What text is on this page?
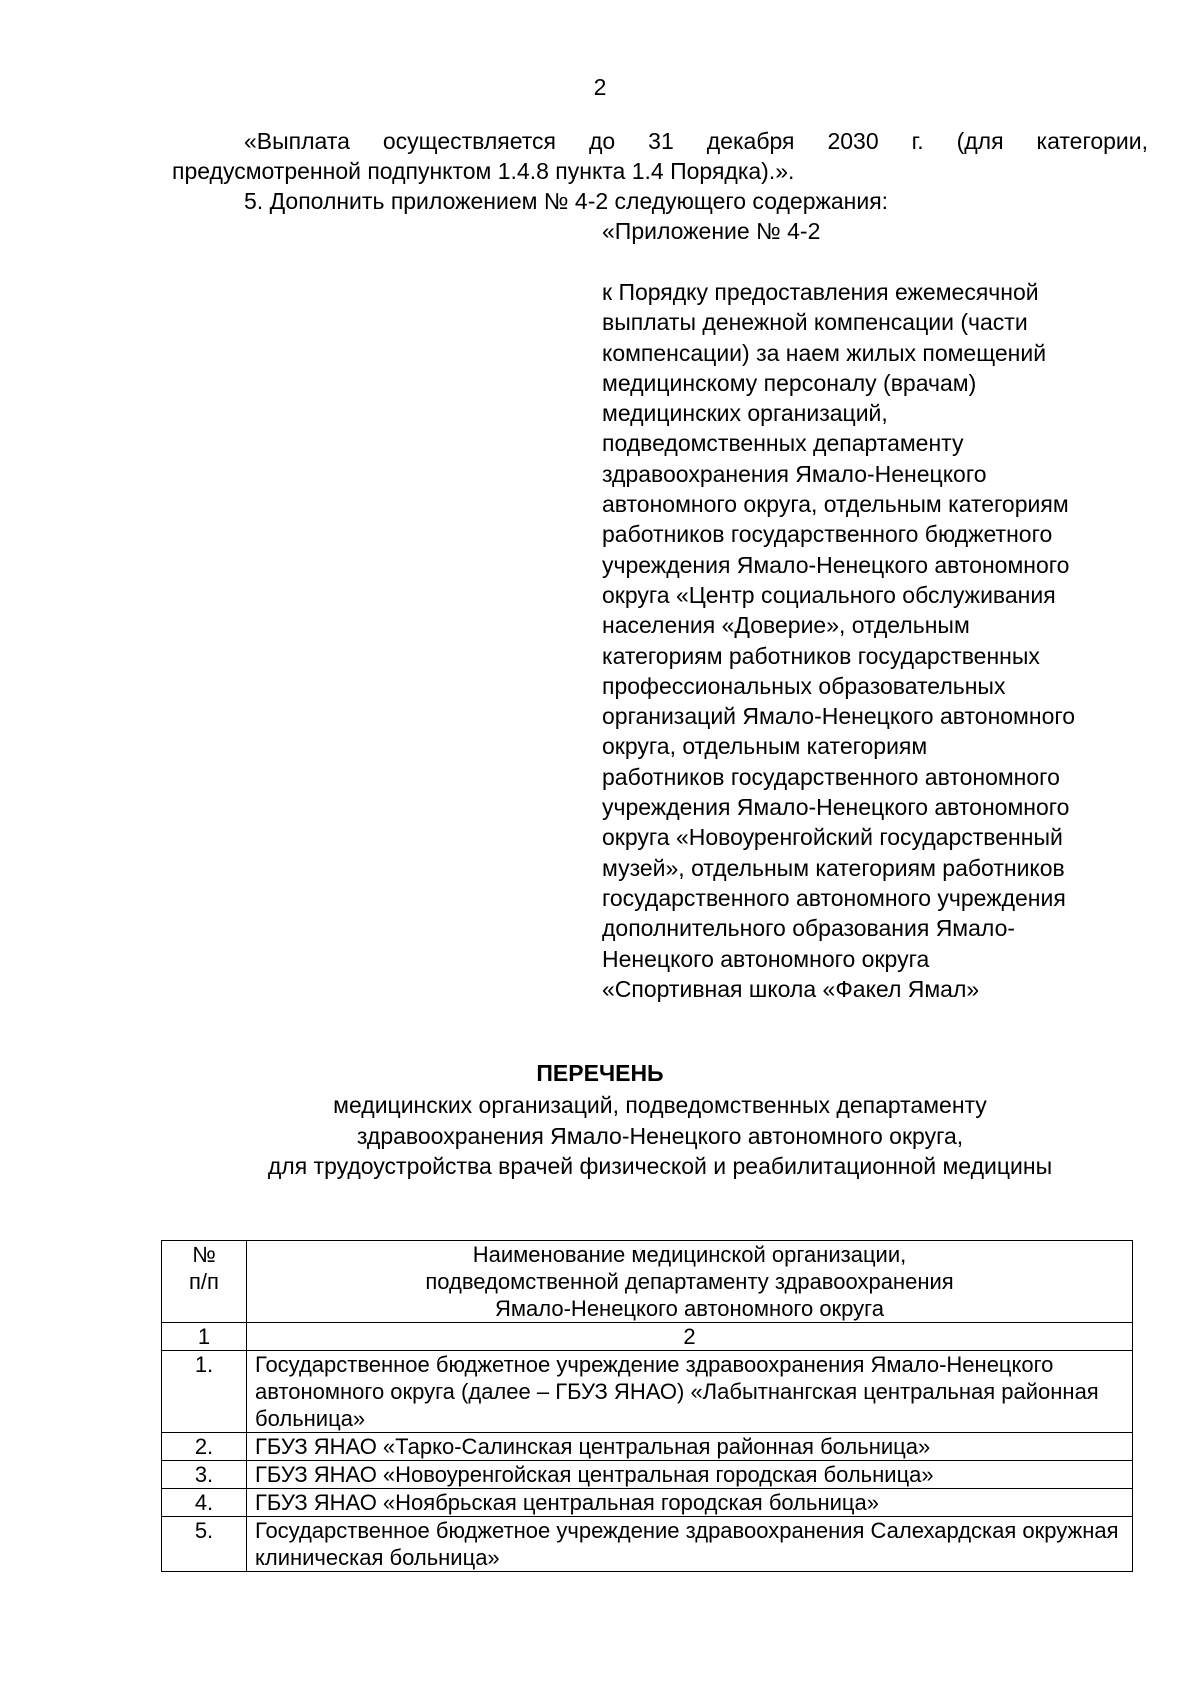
2
«Выплата осуществляется до 31 декабря 2030 г. (для категории,
предусмотренной подпунктом 1.4.8 пункта 1.4 Порядка).».
5. Дополнить приложением № 4-2 следующего содержания:
«Приложение № 4-2
к Порядку предоставления ежемесячной
выплаты денежной компенсации (части
компенсации) за наем жилых помещений
медицинскому персоналу (врачам)
медицинских организаций,
подведомственных департаменту
здравоохранения Ямало-Ненецкого
автономного округа, отдельным категориям
работников государственного бюджетного
учреждения Ямало-Ненецкого автономного
округа «Центр социального обслуживания
населения «Доверие», отдельным
категориям работников государственных
профессиональных образовательных
организаций Ямало-Ненецкого автономного
округа, отдельным категориям
работников государственного автономного
учреждения Ямало-Ненецкого автономного
округа «Новоуренгойский государственный
музей», отдельным категориям работников
государственного автономного учреждения
дополнительного образования Ямало-
Ненецкого автономного округа
«Спортивная школа «Факел Ямал»
ПЕРЕЧЕНЬ
медицинских организаций, подведомственных департаменту
здравоохранения Ямало-Ненецкого автономного округа,
для трудоустройства врачей физической и реабилитационной медицины
№
п/п	Наименование медицинской организации,
подведомственной департаменту здравоохранения
Ямало-Ненецкого автономного округа

1	2
1.	Государственное бюджетное учреждение здравоохранения Ямало-Ненецкого автономного округа (далее – ГБУЗ ЯНАО) «Лабытнангская центральная районная больница»
2.	ГБУЗ ЯНАО «Тарко-Салинская центральная районная больница»
3.	ГБУЗ ЯНАО «Новоуренгойская центральная городская больница»
4.	ГБУЗ ЯНАО «Ноябрьская центральная городская больница»
5.	Государственное бюджетное учреждение здравоохранения Салехардская окружная клиническая больница»
